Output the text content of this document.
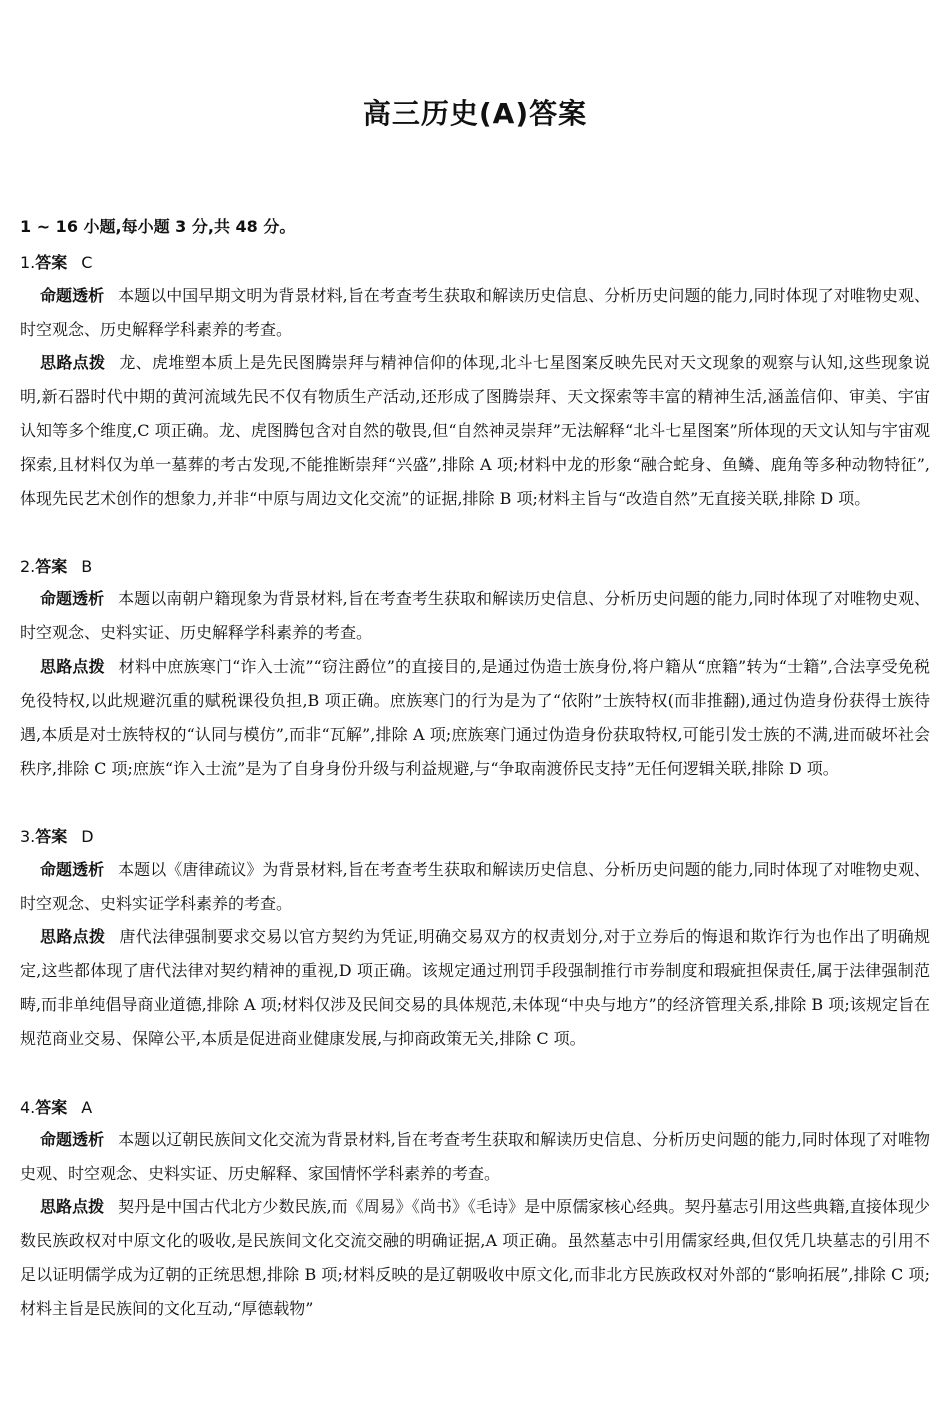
高三历史(A)答案
1 ~ 16 小题,每小题 3 分,共 48 分。
1.答案 C
命题透析 本题以中国早期文明为背景材料,旨在考查考生获取和解读历史信息、分析历史问题的能力,同时体现了对唯物史观、时空观念、历史解释学科素养的考查。
思路点拨 龙、虎堆塑本质上是先民图腾崇拜与精神信仰的体现,北斗七星图案反映先民对天文现象的观察与认知,这些现象说明,新石器时代中期的黄河流域先民不仅有物质生产活动,还形成了图腾崇拜、天文探索等丰富的精神生活,涵盖信仰、审美、宇宙认知等多个维度,C 项正确。龙、虎图腾包含对自然的敬畏,但“自然神灵崇拜”无法解释“北斗七星图案”所体现的天文认知与宇宙观探索,且材料仅为单一墓葬的考古发现,不能推断崇拜“兴盛”,排除 A 项;材料中龙的形象“融合蛇身、鱼鳞、鹿角等多种动物特征”,体现先民艺术创作的想象力,并非“中原与周边文化交流”的证据,排除 B 项;材料主旨与“改造自然”无直接关联,排除 D 项。
2.答案 B
命题透析 本题以南朝户籍现象为背景材料,旨在考查考生获取和解读历史信息、分析历史问题的能力,同时体现了对唯物史观、时空观念、史料实证、历史解释学科素养的考查。
思路点拨 材料中庶族寒门“诈入士流”“窃注爵位”的直接目的,是通过伪造士族身份,将户籍从“庶籍”转为“士籍”,合法享受免税免役特权,以此规避沉重的赋税课役负担,B 项正确。庶族寒门的行为是为了“依附”士族特权(而非推翻),通过伪造身份获得士族待遇,本质是对士族特权的“认同与模仿”,而非“瓦解”,排除 A 项;庶族寒门通过伪造身份获取特权,可能引发士族的不满,进而破坏社会秩序,排除 C 项;庶族“诈入士流”是为了自身身份升级与利益规避,与“争取南渡侨民支持”无任何逻辑关联,排除 D 项。
3.答案 D
命题透析 本题以《唐律疏议》为背景材料,旨在考查考生获取和解读历史信息、分析历史问题的能力,同时体现了对唯物史观、时空观念、史料实证学科素养的考查。
思路点拨 唐代法律强制要求交易以官方契约为凭证,明确交易双方的权责划分,对于立券后的悔退和欺诈行为也作出了明确规定,这些都体现了唐代法律对契约精神的重视,D 项正确。该规定通过刑罚手段强制推行市券制度和瑕疵担保责任,属于法律强制范畴,而非单纯倡导商业道德,排除 A 项;材料仅涉及民间交易的具体规范,未体现“中央与地方”的经济管理关系,排除 B 项;该规定旨在规范商业交易、保障公平,本质是促进商业健康发展,与抑商政策无关,排除 C 项。
4.答案 A
命题透析 本题以辽朝民族间文化交流为背景材料,旨在考查考生获取和解读历史信息、分析历史问题的能力,同时体现了对唯物史观、时空观念、史料实证、历史解释、家国情怀学科素养的考查。
思路点拨 契丹是中国古代北方少数民族,而《周易》《尚书》《毛诗》是中原儒家核心经典。契丹墓志引用这些典籍,直接体现少数民族政权对中原文化的吸收,是民族间文化交流交融的明确证据,A 项正确。虽然墓志中引用儒家经典,但仅凭几块墓志的引用不足以证明儒学成为辽朝的正统思想,排除 B 项;材料反映的是辽朝吸收中原文化,而非北方民族政权对外部的“影响拓展”,排除 C 项;材料主旨是民族间的文化互动,“厚德载物”
